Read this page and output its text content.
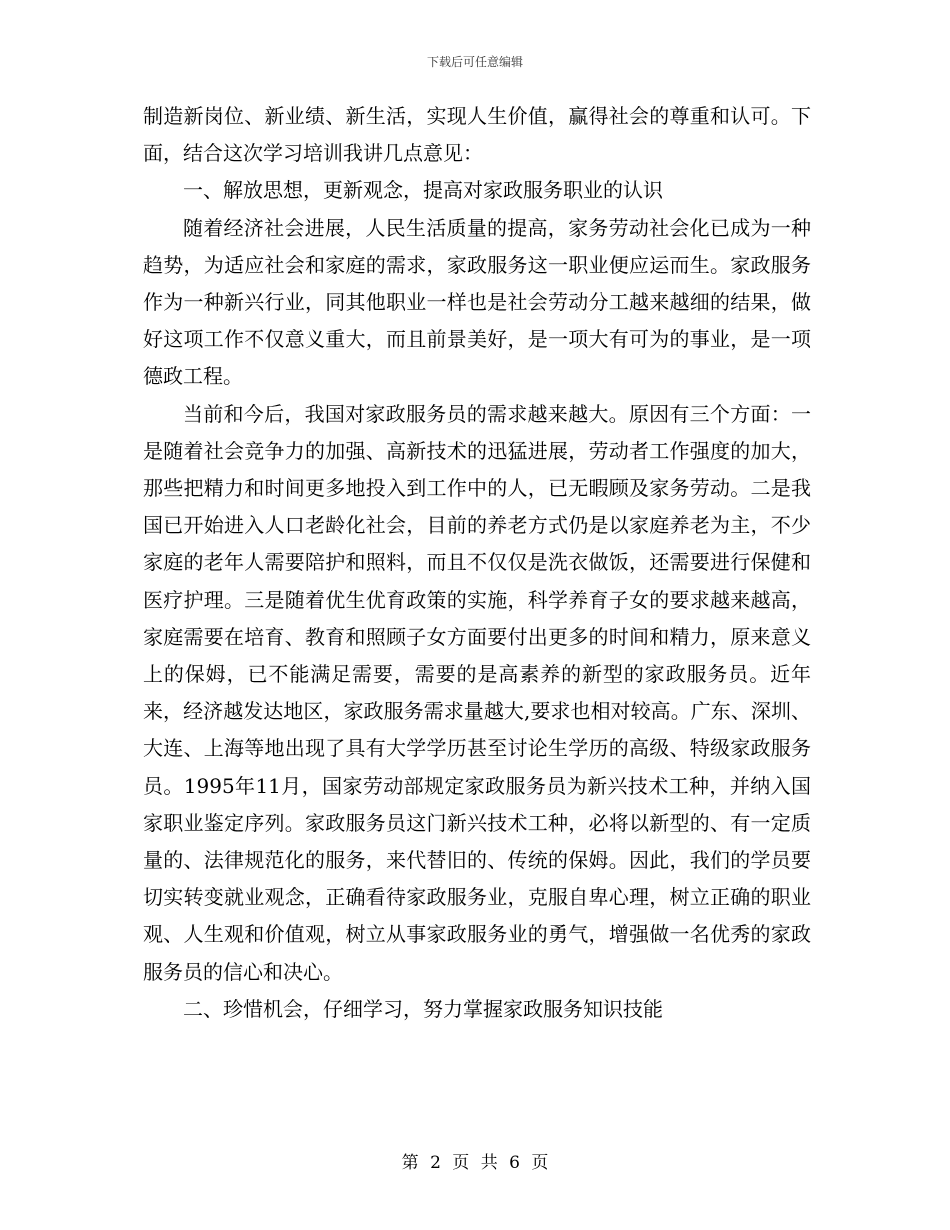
下载后可任意编辑

制造新岗位、新业绩、新生活，实现人生价值，赢得社会的尊重和认可。下面，结合这次学习培训我讲几点意见：

一、解放思想，更新观念，提高对家政服务职业的认识

随着经济社会进展，人民生活质量的提高，家务劳动社会化已成为一种趋势，为适应社会和家庭的需求，家政服务这一职业便应运而生。家政服务作为一种新兴行业，同其他职业一样也是社会劳动分工越来越细的结果，做好这项工作不仅意义重大，而且前景美好，是一项大有可为的事业，是一项德政工程。

当前和今后，我国对家政服务员的需求越来越大。原因有三个方面：一是随着社会竞争力的加强、高新技术的迅猛进展，劳动者工作强度的加大，那些把精力和时间更多地投入到工作中的人，已无暇顾及家务劳动。二是我国已开始进入人口老龄化社会，目前的养老方式仍是以家庭养老为主，不少家庭的老年人需要陪护和照料，而且不仅仅是洗衣做饭，还需要进行保健和医疗护理。三是随着优生优育政策的实施，科学养育子女的要求越来越高，家庭需要在培育、教育和照顾子女方面要付出更多的时间和精力，原来意义上的保姆，已不能满足需要，需要的是高素养的新型的家政服务员。近年来，经济越发达地区，家政服务需求量越大,要求也相对较高。广东、深圳、大连、上海等地出现了具有大学学历甚至讨论生学历的高级、特级家政服务员。1995年11月，国家劳动部规定家政服务员为新兴技术工种，并纳入国家职业鉴定序列。家政服务员这门新兴技术工种，必将以新型的、有一定质量的、法律规范化的服务，来代替旧的、传统的保姆。因此，我们的学员要切实转变就业观念，正确看待家政服务业，克服自卑心理，树立正确的职业观、人生观和价值观，树立从事家政服务业的勇气，增强做一名优秀的家政服务员的信心和决心。

二、珍惜机会，仔细学习，努力掌握家政服务知识技能

第 2 页 共 6 页
